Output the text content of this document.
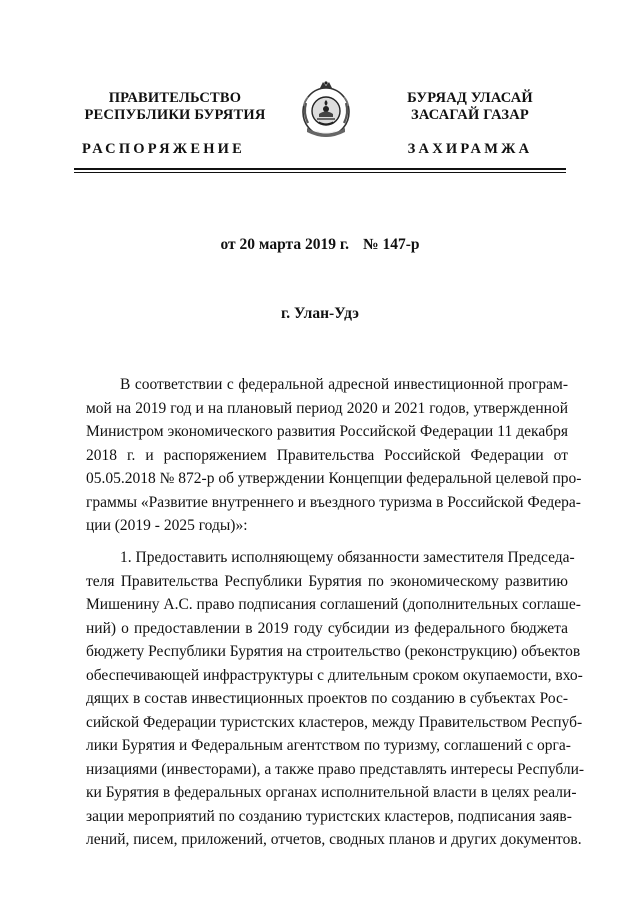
ПРАВИТЕЛЬСТВО
РЕСПУБЛИКИ БУРЯТИЯ
БУРЯАД УЛАСАЙ
ЗАСАГАЙ ГАЗАР
РАСПОРЯЖЕНИЕ	ЗАХИРАМЖА
от 20 марта 2019 г. № 147-р
г. Улан-Удэ
В соответствии с федеральной адресной инвестиционной програм-
мой на 2019 год и на плановый период 2020 и 2021 годов, утвержденной
Министром экономического развития Российской Федерации 11 декабря
2018 г. и распоряжением Правительства Российской Федерации от
05.05.2018 № 872-р об утверждении Концепции федеральной целевой про-
граммы «Развитие внутреннего и въездного туризма в Российской Федера-
ции (2019 - 2025 годы)»:
1. Предоставить исполняющему обязанности заместителя Председа-
теля Правительства Республики Бурятия по экономическому развитию
Мишенину А.С. право подписания соглашений (дополнительных соглаше-
ний) о предоставлении в 2019 году субсидии из федерального бюджета
бюджету Республики Бурятия на строительство (реконструкцию) объектов
обеспечивающей инфраструктуры с длительным сроком окупаемости, вхо-
дящих в состав инвестиционных проектов по созданию в субъектах Рос-
сийской Федерации туристских кластеров, между Правительством Респуб-
лики Бурятия и Федеральным агентством по туризму, соглашений с орга-
низациями (инвесторами), а также право представлять интересы Республи-
ки Бурятия в федеральных органах исполнительной власти в целях реали-
зации мероприятий по созданию туристских кластеров, подписания заяв-
лений, писем, приложений, отчетов, сводных планов и других документов.
